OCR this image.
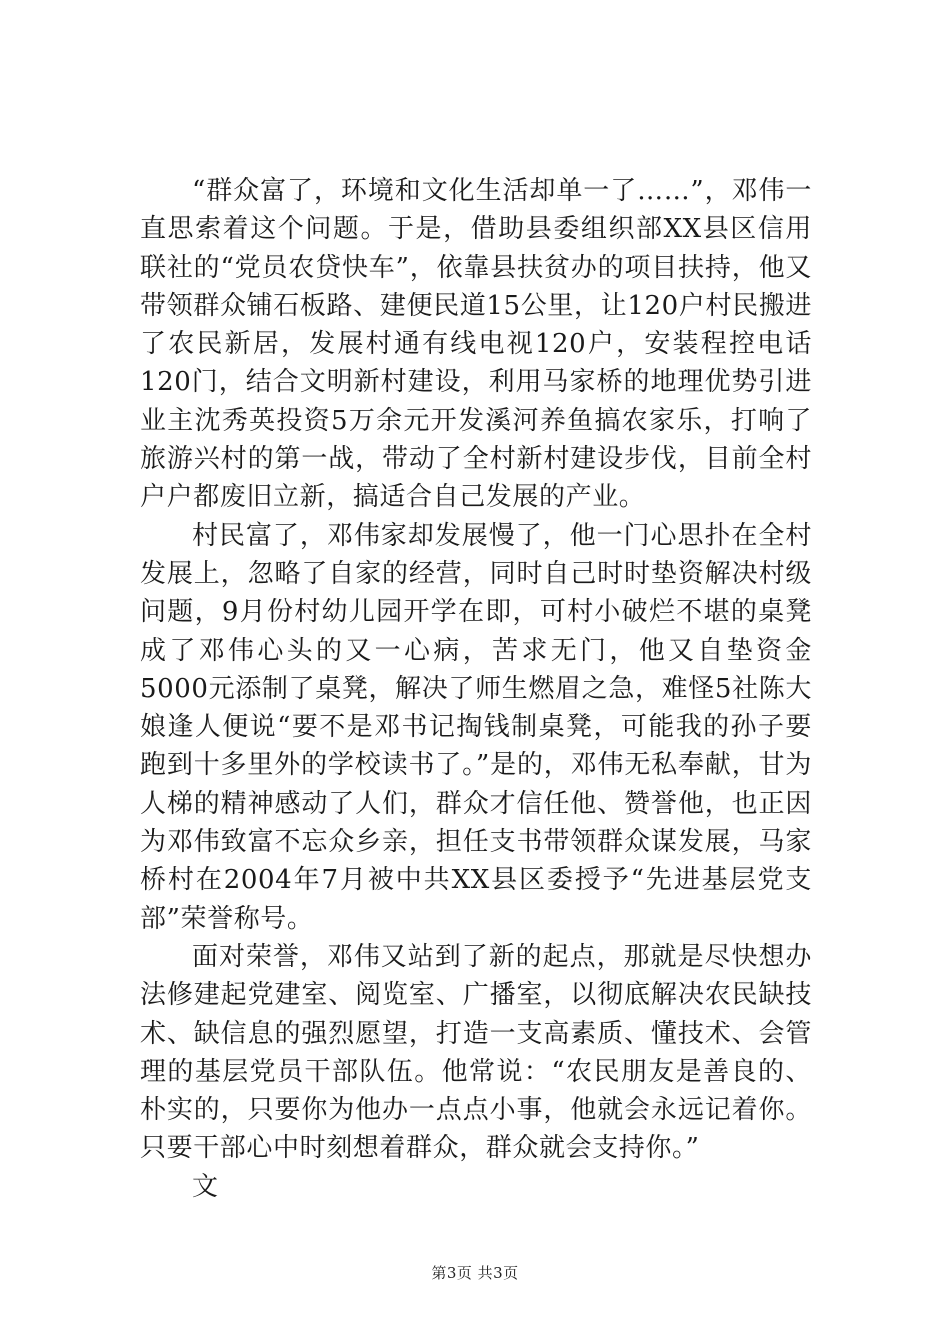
“群众富了，环境和文化生活却单一了……”，邓伟一直思索着这个问题。于是，借助县委组织部XX县区信用联社的“党员农贷快车”，依靠县扶贫办的项目扶持，他又带领群众铺石板路、建便民道15公里，让120户村民搬进了农民新居，发展村通有线电视120户，安装程控电话120门，结合文明新村建设，利用马家桥的地理优势引进业主沈秀英投资5万余元开发溪河养鱼搞农家乐，打响了旅游兴村的第一战，带动了全村新村建设步伐，目前全村户户都废旧立新，搞适合自己发展的产业。

村民富了，邓伟家却发展慢了，他一门心思扑在全村发展上，忽略了自家的经营，同时自己时时垫资解决村级问题，9月份村幼儿园开学在即，可村小破烂不堪的桌凳成了邓伟心头的又一心病，苦求无门，他又自垫资金5000元添制了桌凳，解决了师生燃眉之急，难怪5社陈大娘逢人便说“要不是邓书记掏钱制桌凳，可能我的孙子要跑到十多里外的学校读书了。”是的，邓伟无私奉献，甘为人梯的精神感动了人们，群众才信任他、赞誉他，也正因为邓伟致富不忘众乡亲，担任支书带领群众谋发展，马家桥村在2004年7月被中共XX县区委授予“先进基层党支部”荣誉称号。

面对荣誉，邓伟又站到了新的起点，那就是尽快想办法修建起党建室、阅览室、广播室，以彻底解决农民缺技术、缺信息的强烈愿望，打造一支高素质、懂技术、会管理的基层党员干部队伍。他常说：“农民朋友是善良的、朴实的，只要你为他办一点点小事，他就会永远记着你。只要干部心中时刻想着群众，群众就会支持你。”

文

第3页 共3页
